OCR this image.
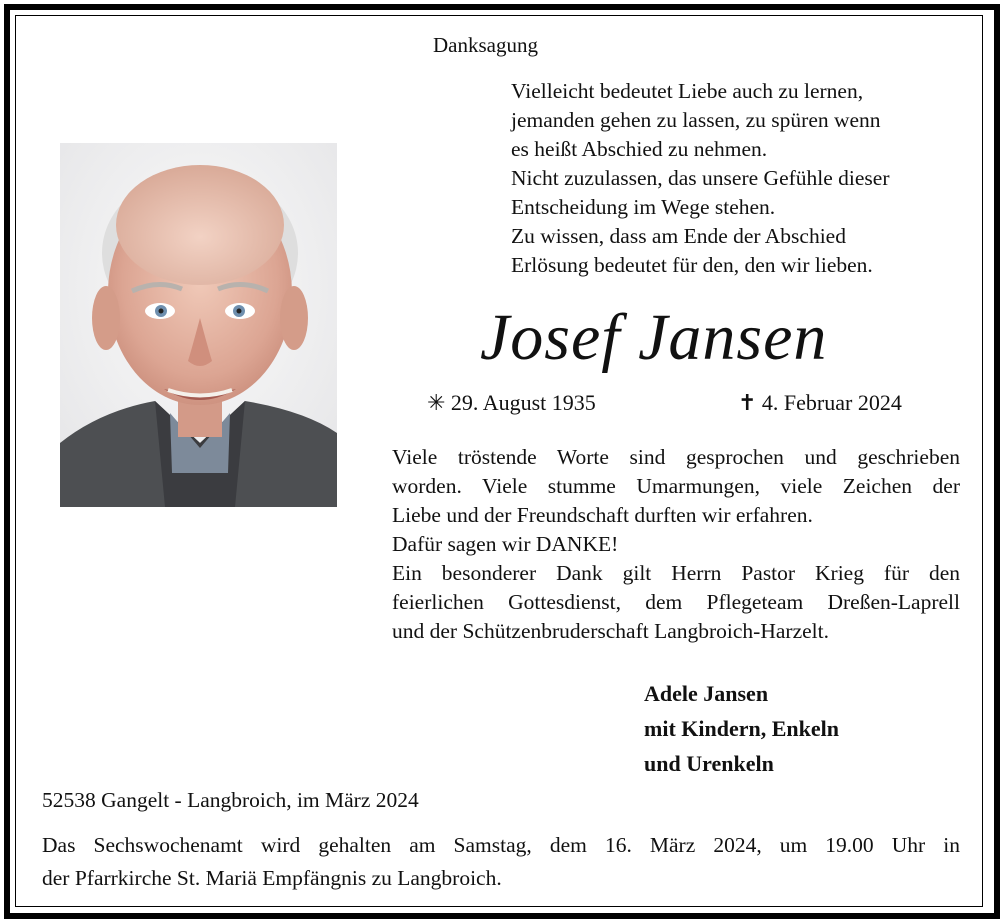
Danksagung
Vielleicht bedeutet Liebe auch zu lernen,
jemanden gehen zu lassen, zu spüren wenn
es heißt Abschied zu nehmen.
Nicht zuzulassen, das unsere Gefühle dieser
Entscheidung im Wege stehen.
Zu wissen, dass am Ende der Abschied
Erlösung bedeutet für den, den wir lieben.
Josef Jansen
✳ 29. August 1935	✝ 4. Februar 2024
Viele tröstende Worte sind gesprochen und geschrieben
worden. Viele stumme Umarmungen, viele Zeichen der
Liebe und der Freundschaft durften wir erfahren.
Dafür sagen wir DANKE!
Ein besonderer Dank gilt Herrn Pastor Krieg für den
feierlichen Gottesdienst, dem Pflegeteam Dreßen-Laprell
und der Schützenbruderschaft Langbroich-Harzelt.
Adele Jansen
mit Kindern, Enkeln
und Urenkeln
52538 Gangelt - Langbroich, im März 2024
Das Sechswochenamt wird gehalten am Samstag, dem 16. März 2024, um 19.00 Uhr in
der Pfarrkirche St. Mariä Empfängnis zu Langbroich.
